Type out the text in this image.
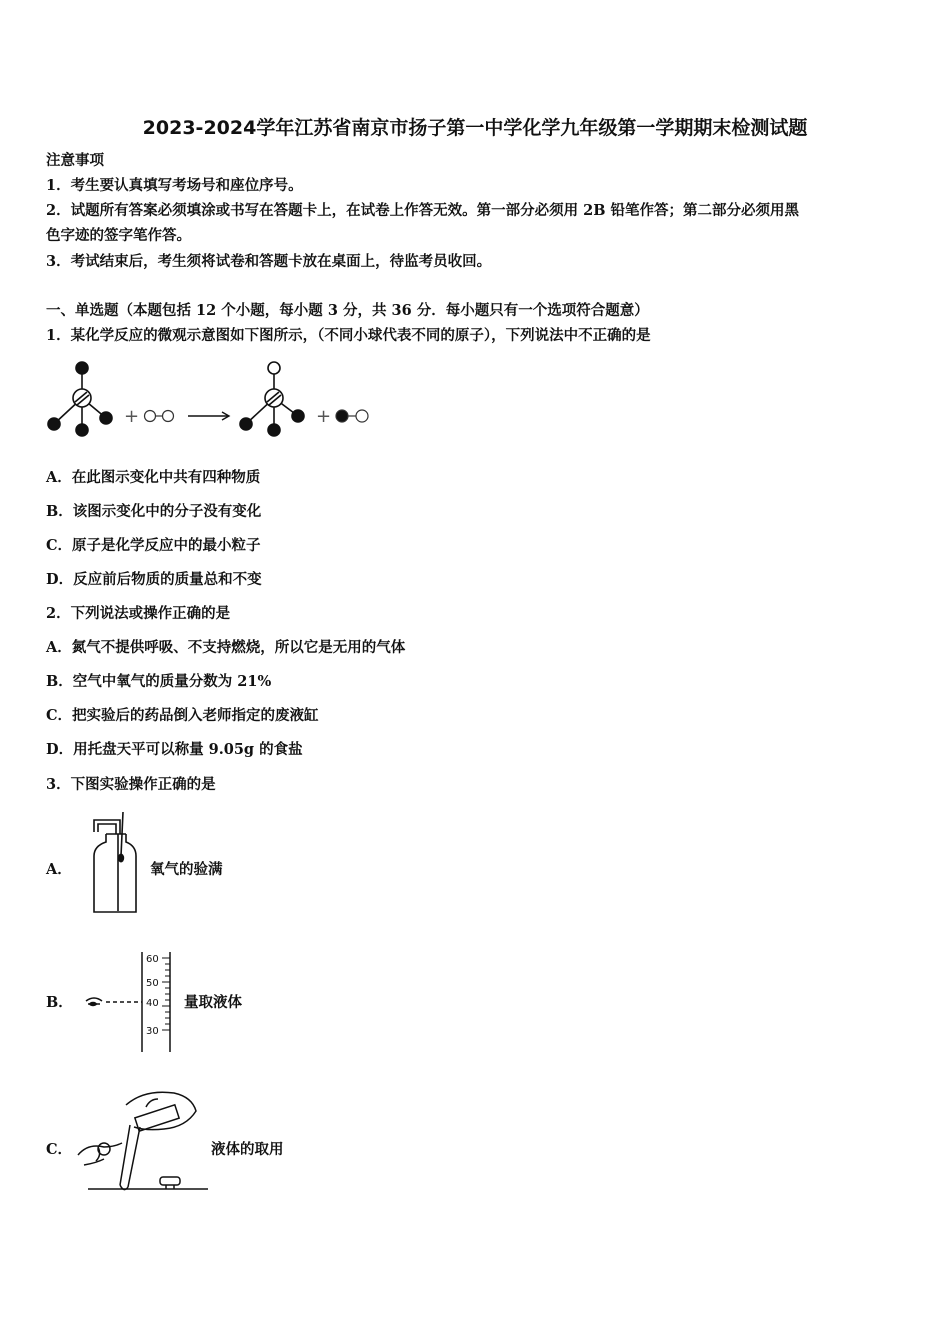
2023-2024学年江苏省南京市扬子第一中学化学九年级第一学期期末检测试题
注意事项
1．考生要认真填写考场号和座位序号。
2．试题所有答案必须填涂或书写在答题卡上，在试卷上作答无效。第一部分必须用 2B 铅笔作答；第二部分必须用黑
色字迹的签字笔作答。
3．考试结束后，考生须将试卷和答题卡放在桌面上，待监考员收回。
一、单选题（本题包括 12 个小题，每小题 3 分，共 36 分．每小题只有一个选项符合题意）
1．某化学反应的微观示意图如下图所示，（不同小球代表不同的原子），下列说法中不正确的是
+	+
A．在此图示变化中共有四种物质
B．该图示变化中的分子没有变化
C．原子是化学反应中的最小粒子
D．反应前后物质的质量总和不变
2．下列说法或操作正确的是
A．氮气不提供呼吸、不支持燃烧，所以它是无用的气体
B．空气中氧气的质量分数为 21%
C．把实验后的药品倒入老师指定的废液缸
D．用托盘天平可以称量 9.05g 的食盐
3．下图实验操作正确的是
A．	氧气的验满
B．
60
50
40
30
量取液体
C．	液体的取用
